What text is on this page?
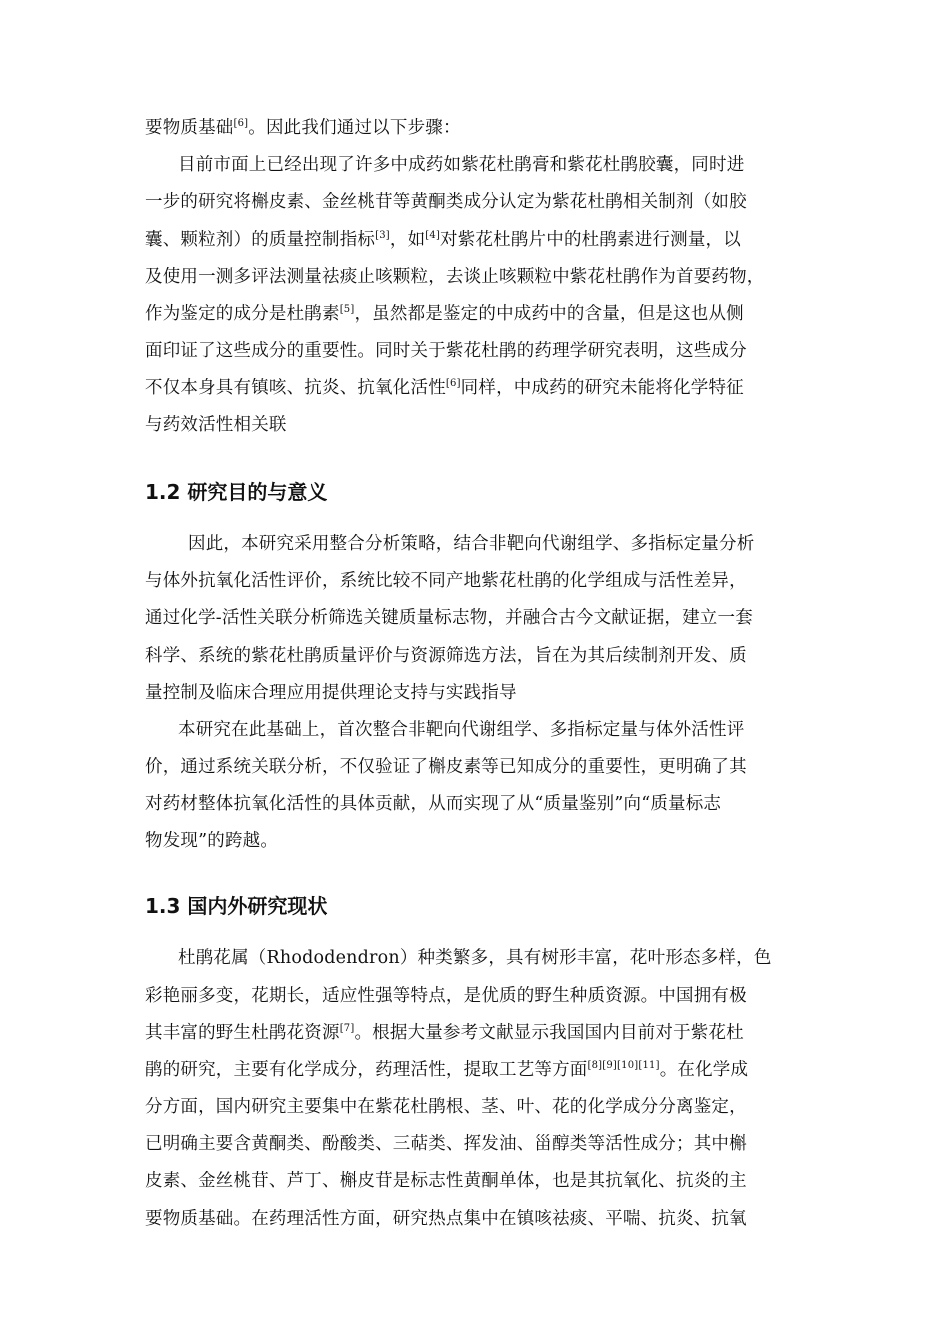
要物质基础[6]。因此我们通过以下步骤：
目前市面上已经出现了许多中成药如紫花杜鹃膏和紫花杜鹃胶囊，同时进
一步的研究将槲皮素、金丝桃苷等黄酮类成分认定为紫花杜鹃相关制剂（如胶
囊、颗粒剂）的质量控制指标[3]，如[4]对紫花杜鹃片中的杜鹃素进行测量，以
及使用一测多评法测量祛痰止咳颗粒，去谈止咳颗粒中紫花杜鹃作为首要药物，
作为鉴定的成分是杜鹃素[5]，虽然都是鉴定的中成药中的含量，但是这也从侧
面印证了这些成分的重要性。同时关于紫花杜鹃的药理学研究表明，这些成分
不仅本身具有镇咳、抗炎、抗氧化活性[6]同样，中成药的研究未能将化学特征
与药效活性相关联
1.2 研究目的与意义
因此，本研究采用整合分析策略，结合非靶向代谢组学、多指标定量分析
与体外抗氧化活性评价，系统比较不同产地紫花杜鹃的化学组成与活性差异，
通过化学-活性关联分析筛选关键质量标志物，并融合古今文献证据，建立一套
科学、系统的紫花杜鹃质量评价与资源筛选方法，旨在为其后续制剂开发、质
量控制及临床合理应用提供理论支持与实践指导
本研究在此基础上，首次整合非靶向代谢组学、多指标定量与体外活性评
价，通过系统关联分析，不仅验证了槲皮素等已知成分的重要性，更明确了其
对药材整体抗氧化活性的具体贡献，从而实现了从“质量鉴别”向“质量标志
物发现”的跨越。
1.3 国内外研究现状
杜鹃花属（Rhododendron）种类繁多，具有树形丰富，花叶形态多样，色
彩艳丽多变，花期长，适应性强等特点，是优质的野生种质资源。中国拥有极
其丰富的野生杜鹃花资源[7]。根据大量参考文献显示我国国内目前对于紫花杜
鹃的研究，主要有化学成分，药理活性，提取工艺等方面[8][9][10][11]。在化学成
分方面，国内研究主要集中在紫花杜鹃根、茎、叶、花的化学成分分离鉴定，
已明确主要含黄酮类、酚酸类、三萜类、挥发油、甾醇类等活性成分；其中槲
皮素、金丝桃苷、芦丁、槲皮苷是标志性黄酮单体，也是其抗氧化、抗炎的主
要物质基础。在药理活性方面，研究热点集中在镇咳祛痰、平喘、抗炎、抗氧
